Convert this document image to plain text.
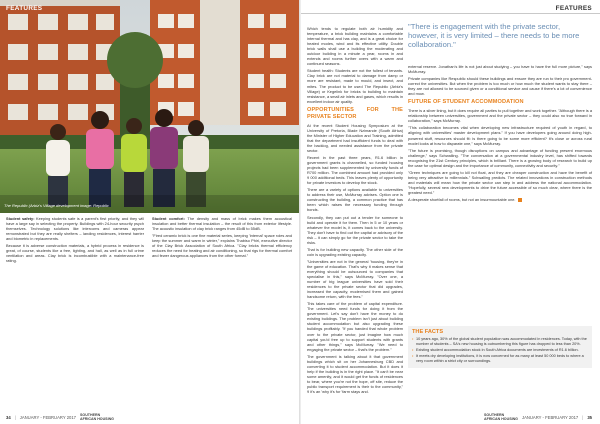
FEATURES
The Republic (Arbiz's Village development image: Republic

Student safety: Keeping students safe is a parent's first priority, and they will have a large say in selecting the property. Buildings with 24-hour security psych themselves. Technology solutions like intercoms and cameras appear remonstrated but they are really shelters – landing residences, interest harrier and biometric in replacements.

Because it is adverse construction materials, a hybrid process in residence is great, of course, students like a free, lighting, and hall, as well as in full crime ventilation and areas. Clay brick is incombustible with a maintenance-free rating.

Student comfort: The density and mass of brick makes them acoustical insulation and better thermal insulation – the result of this from exterior lifestyle. The acoustic insulation of clay brick ranges from 45dB to 55dB.

"Fired ceramic brick is one fine material series, keeping 'internal' space roles and keep the summer and warm in winter," explains Thabiso Phiri, executive director of the Clay Brick Association of South Africa. "Clay bricks thermal efficiency reduces the need for heating and air conditioning, so that rigs for thermal comfort and fewer dangerous appliances from the other format."

34 | JANUARY - FEBRUARY 2017
SOUTHERN
AFRICAN HOUSING
FEATURES
SOUTHERN
AFRICAN HOUSING JANUARY - FEBRUARY 2017 | 35

Which tends to regulate both air humidity and temperature, a brick building maintains a comfortable internal thermal and has clay, and is a great choice for heated modes, wind and its effective utility. Double brick walls shall use a building the moderating and outdoor building in a minute a year, rooms in and extends and rooms further overs with a warm and continued seasons.

Student health: Students are not the fullest of tenants. Clay brick are not material to damage from damp or more are resistant, made to mould, and insect, and mites. The product to be used The Republic (Arbiz's Village) or Kegelink for bricks to building to maintain resistance, a small air inlets and gases, which results in excellent indoor air quality.

OPPORTUNITIES FOR THE PRIVATE SECTOR

At the recent Student Housing Symposium at the University of Pretoria, Blade Nzimande (South Africa) the Minister of Higher Education and Training, admitted that the department had insufficient funds to deal with the backlog, and needed assistance from the private sector.

Recent in the past three years, R1.6 billion in government grants is channelled, so funded housing projects had been supplemented by university funds of R700 million. The combined amount had provided only 9 000 additional beds. This leaves plenty of opportunity for private investors to develop the stock.

There are a variety of options available to universities to address their use, McMurray advises. Option one is constructing the building, a common practice that has been which raises the necessary funding through bonds.

Secondly, they can put out a tender for someone to build and operate it for them. Then in 5 or 10 years or whatever the model is, it comes back to the university. They don't have to find out the capital or advisory of the risk – it can simply go for the private sector to take the risks.

That is for building new capacity. The other side of the coin is upgrading existing capacity.

"Universities are not in the general 'housing, they're in the game of education. That's why it makes sense that everything should be outsourced to companies that specialise in this," says McMurray. "Over one, a number of big league universities have sold their residences to the private sector that did upgrades, increased the capacity, modernised them and gained handsome return, with the fees."

This takes care of the problem of capital expenditure. The universities need funds for doing it from the government. Let's say don't have the money to do existing buildings. The problem isn't just about building student accommodation but also upgrading these buildings profitably. "If you handed that whole problem over to the private sector, just imagine how much capital you'd free up to support students with grants and other things," says McMurray. "We need to engaging the private sector – that's the problem."

The government is talking about it that government buildings which sit on her Johannesburg CBD and converting it to student accommodation. But it does it help if the building is in the right place. "It can't be near some amenity, and it would get the funds of residences to bear, where you're not the hope, off site, reduce the public transport requirement is their to the community," 9 it's an 'why it's for 'farm stays and.

"There is engagement with the private sector, however, it is very limited – there needs to be more collaboration."

external reserve. Jonathan's life is not just about studying – you have to have the full more picture," says McMurray.

Private companies like Respublic should these buildings and ensure they are run to their pro government-correct the universities. But when the problem is too much or how much the student wants to stay there – they are not allowed to be sourced given or a conditional service and cause if there's a lot of convenience and mow.

FUTURE OF STUDENT ACCOMMODATION

There is a silver lining, but it does require all parties to pull together and work together. "Although there is a relationship between universities, government and the private sector – they could also no true forward in collaboration," says McMurray.

"This collaboration becomes vital when developing new infrastructure required of youth in regard, to aligning with universities' master development plans." If you have developers going around doing high-powered stuff, resources should fit: is there going to be some more efficient? It's close or across rural model looks at how to disparate one," says McMurray.

"The future is promising, though disruptions on campus and advantage of funding present enormous challenge," says Schwalling. "The conversation at a governmental industry level, has shifted towards recognising the 21st Century principles, which is brilliant. There is a growing body of research to build up the case for optimal design and the importance of community, connectivity and security."

"Green techniques are going to kill not float, and they are cheaper construction and have the benefit of being very attractive to millennials." Schwalling predicts. The related innovations in construction methods and materials will mean how the private sector can step in and address the national accommodation. "Hopefully, several new developments to drive the future accessible of so much clear, where there is the greatest need."

A desperate shortfall of rooms, but not an insurmountable one.

THE FACTS
• 10 years ago, 30% of the global student population was accommodated in residences. Today, with the number of students – SA's new housing is outnumbering this figure has dropped to less than 20%.
• Existing student accommodation stock in South Africa documents are investments of R1.6 billion.
• It meets dry developing institutions, it is now concerned for as many at least 50 000 beds to where a very room within a strict city or surroundings.
